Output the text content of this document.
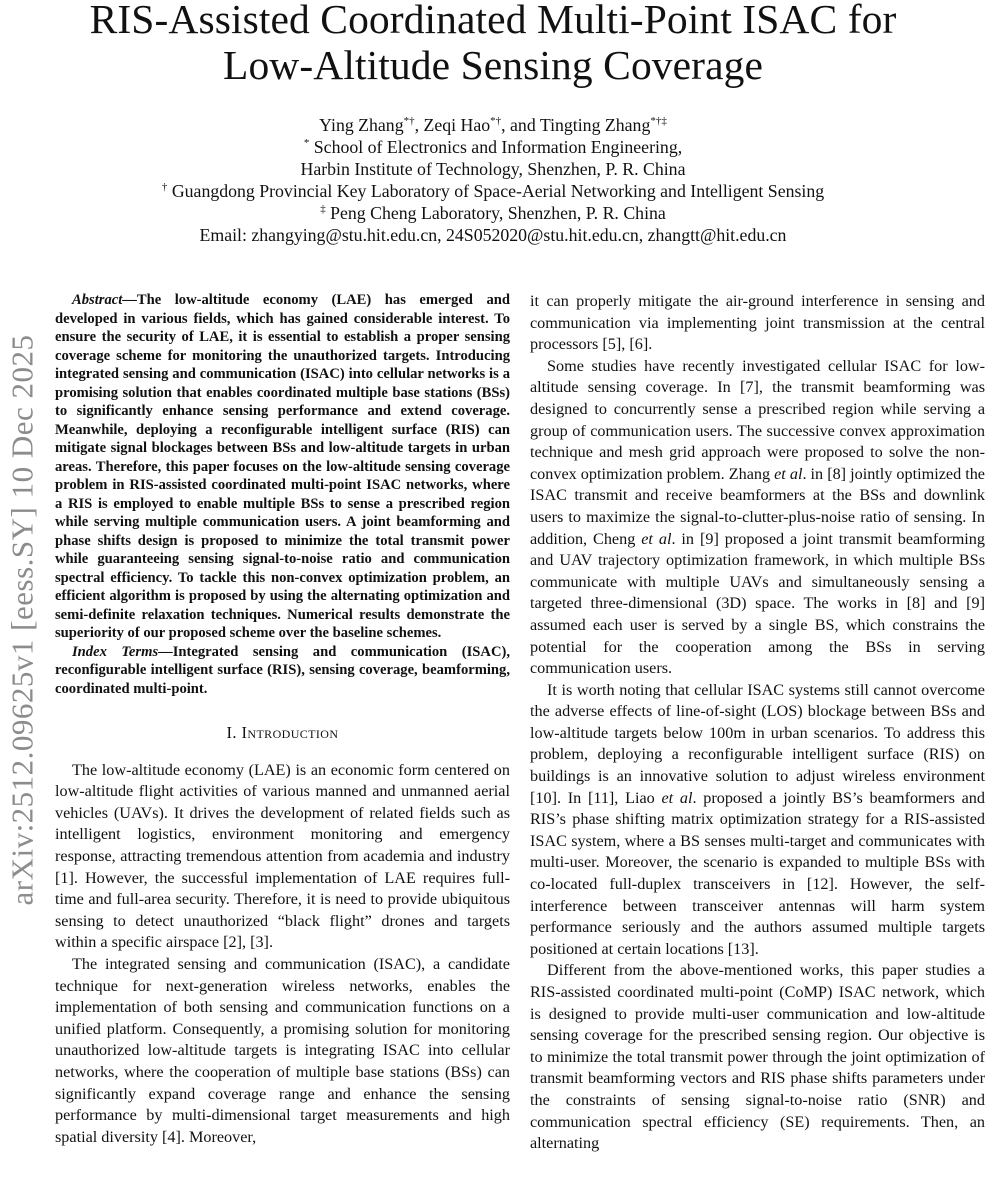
RIS-Assisted Coordinated Multi-Point ISAC for
Low-Altitude Sensing Coverage
Ying Zhang*†, Zeqi Hao*†, and Tingting Zhang*†‡
* School of Electronics and Information Engineering,
Harbin Institute of Technology, Shenzhen, P. R. China
† Guangdong Provincial Key Laboratory of Space-Aerial Networking and Intelligent Sensing
‡ Peng Cheng Laboratory, Shenzhen, P. R. China
Email: zhangying@stu.hit.edu.cn, 24S052020@stu.hit.edu.cn, zhangtt@hit.edu.cn
arXiv:2512.09625v1 [eess.SY] 10 Dec 2025

Abstract—The low-altitude economy (LAE) has emerged and developed in various fields, which has gained considerable interest. To ensure the security of LAE, it is essential to establish a proper sensing coverage scheme for monitoring the unauthorized targets. Introducing integrated sensing and communication (ISAC) into cellular networks is a promising solution that enables coordinated multiple base stations (BSs) to significantly enhance sensing performance and extend coverage. Meanwhile, deploying a reconfigurable intelligent surface (RIS) can mitigate signal blockages between BSs and low-altitude targets in urban areas. Therefore, this paper focuses on the low-altitude sensing coverage problem in RIS-assisted coordinated multi-point ISAC networks, where a RIS is employed to enable multiple BSs to sense a prescribed region while serving multiple communication users. A joint beamforming and phase shifts design is proposed to minimize the total transmit power while guaranteeing sensing signal-to-noise ratio and communication spectral efficiency. To tackle this non-convex optimization problem, an efficient algorithm is proposed by using the alternating optimization and semi-definite relaxation techniques. Numerical results demonstrate the superiority of our proposed scheme over the baseline schemes.

Index Terms—Integrated sensing and communication (ISAC), reconfigurable intelligent surface (RIS), sensing coverage, beamforming, coordinated multi-point.

I. Introduction

The low-altitude economy (LAE) is an economic form centered on low-altitude flight activities of various manned and unmanned aerial vehicles (UAVs). It drives the development of related fields such as intelligent logistics, environment monitoring and emergency response, attracting tremendous attention from academia and industry [1]. However, the successful implementation of LAE requires full-time and full-area security. Therefore, it is need to provide ubiquitous sensing to detect unauthorized “black flight” drones and targets within a specific airspace [2], [3].

The integrated sensing and communication (ISAC), a candidate technique for next-generation wireless networks, enables the implementation of both sensing and communication functions on a unified platform. Consequently, a promising solution for monitoring unauthorized low-altitude targets is integrating ISAC into cellular networks, where the cooperation of multiple base stations (BSs) can significantly expand coverage range and enhance the sensing performance by multi-dimensional target measurements and high spatial diversity [4]. Moreover,

it can properly mitigate the air-ground interference in sensing and communication via implementing joint transmission at the central processors [5], [6].

Some studies have recently investigated cellular ISAC for low-altitude sensing coverage. In [7], the transmit beamforming was designed to concurrently sense a prescribed region while serving a group of communication users. The successive convex approximation technique and mesh grid approach were proposed to solve the non-convex optimization problem. Zhang et al. in [8] jointly optimized the ISAC transmit and receive beamformers at the BSs and downlink users to maximize the signal-to-clutter-plus-noise ratio of sensing. In addition, Cheng et al. in [9] proposed a joint transmit beamforming and UAV trajectory optimization framework, in which multiple BSs communicate with multiple UAVs and simultaneously sensing a targeted three-dimensional (3D) space. The works in [8] and [9] assumed each user is served by a single BS, which constrains the potential for the cooperation among the BSs in serving communication users.

It is worth noting that cellular ISAC systems still cannot overcome the adverse effects of line-of-sight (LOS) blockage between BSs and low-altitude targets below 100m in urban scenarios. To address this problem, deploying a reconfigurable intelligent surface (RIS) on buildings is an innovative solution to adjust wireless environment [10]. In [11], Liao et al. proposed a jointly BS’s beamformers and RIS’s phase shifting matrix optimization strategy for a RIS-assisted ISAC system, where a BS senses multi-target and communicates with multi-user. Moreover, the scenario is expanded to multiple BSs with co-located full-duplex transceivers in [12]. However, the self-interference between transceiver antennas will harm system performance seriously and the authors assumed multiple targets positioned at certain locations [13].

Different from the above-mentioned works, this paper studies a RIS-assisted coordinated multi-point (CoMP) ISAC network, which is designed to provide multi-user communication and low-altitude sensing coverage for the prescribed sensing region. Our objective is to minimize the total transmit power through the joint optimization of transmit beamforming vectors and RIS phase shifts parameters under the constraints of sensing signal-to-noise ratio (SNR) and communication spectral efficiency (SE) requirements. Then, an alternating
